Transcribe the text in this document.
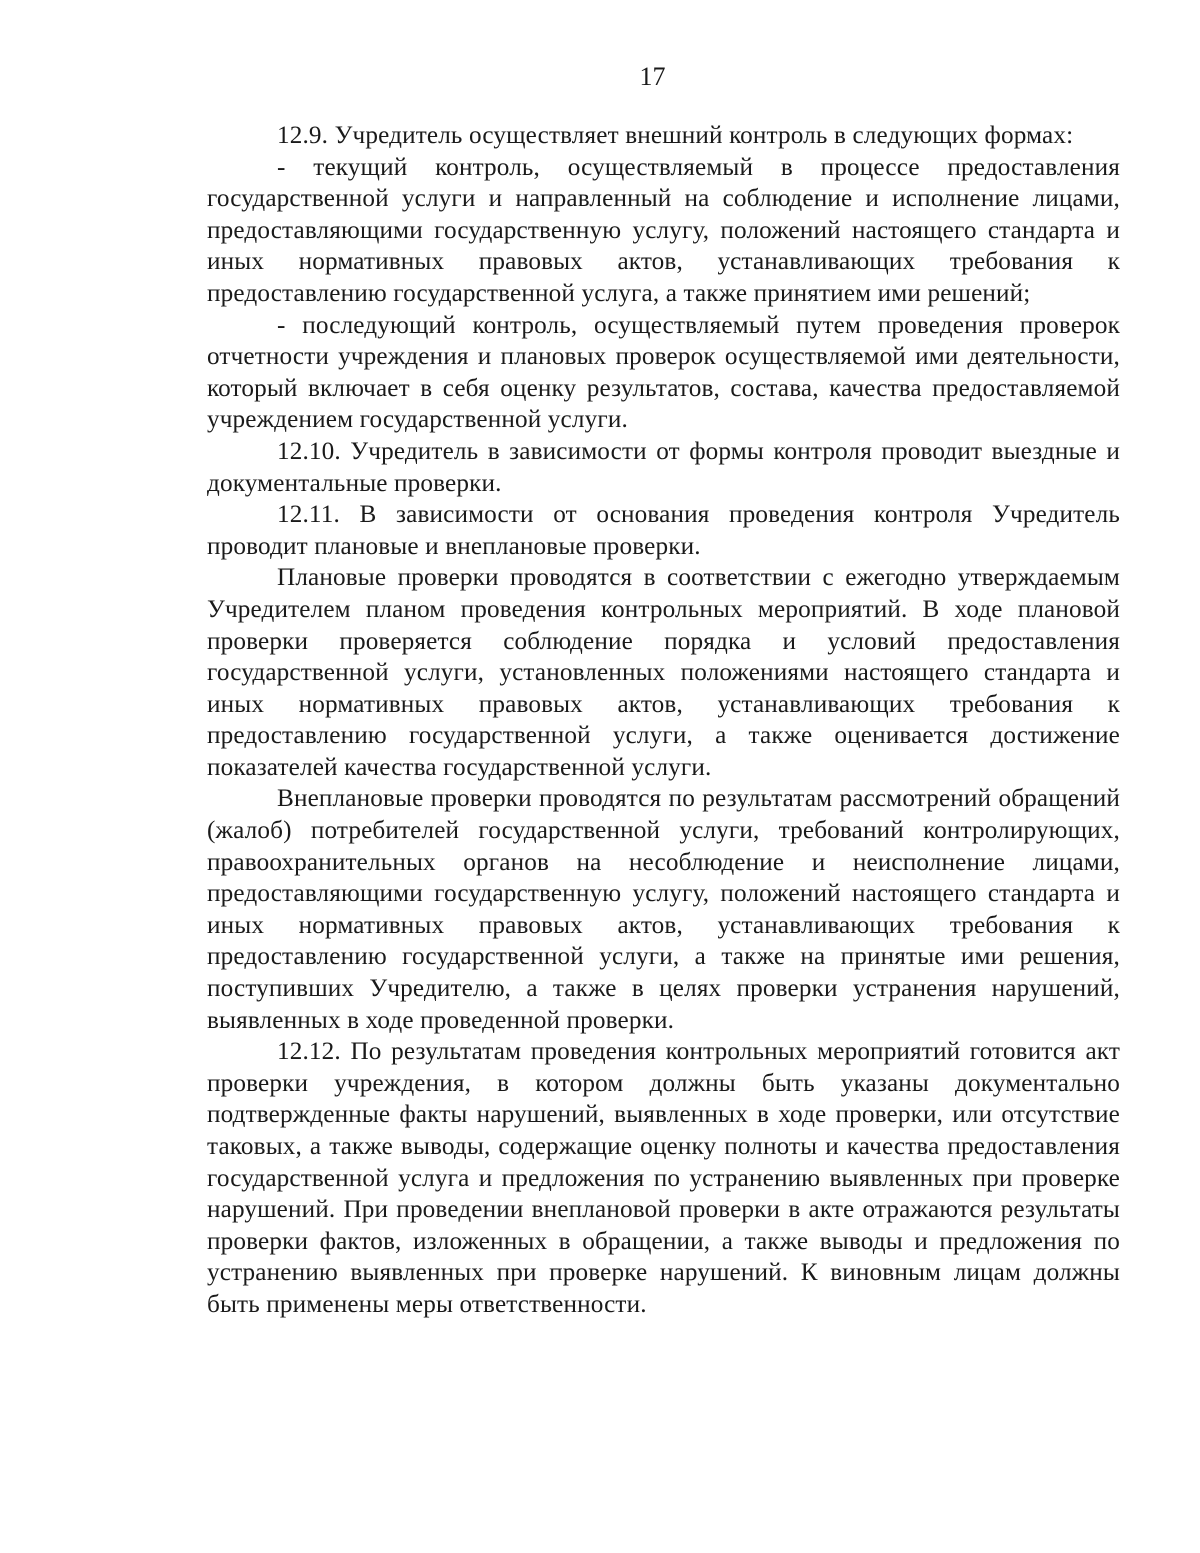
17

12.9. Учредитель осуществляет внешний контроль в следующих формах:

- текущий контроль, осуществляемый в процессе предоставления государственной услуги и направленный на соблюдение и исполнение лицами, предоставляющими государственную услугу, положений настоящего стандарта и иных нормативных правовых актов, устанавливающих требования к предоставлению государственной услуга, а также принятием ими решений;

- последующий контроль, осуществляемый путем проведения проверок отчетности учреждения и плановых проверок осуществляемой ими деятельности, который включает в себя оценку результатов, состава, качества предоставляемой учреждением государственной услуги.

12.10. Учредитель в зависимости от формы контроля проводит выездные и документальные проверки.

12.11. В зависимости от основания проведения контроля Учредитель проводит плановые и внеплановые проверки.

Плановые проверки проводятся в соответствии с ежегодно утверждаемым Учредителем планом проведения контрольных мероприятий. В ходе плановой проверки проверяется соблюдение порядка и условий предоставления государственной услуги, установленных положениями настоящего стандарта и иных нормативных правовых актов, устанавливающих требования к предоставлению государственной услуги, а также оценивается достижение показателей качества государственной услуги.

Внеплановые проверки проводятся по результатам рассмотрений обращений (жалоб) потребителей государственной услуги, требований контролирующих, правоохранительных органов на несоблюдение и неисполнение лицами, предоставляющими государственную услугу, положений настоящего стандарта и иных нормативных правовых актов, устанавливающих требования к предоставлению государственной услуги, а также на принятые ими решения, поступивших Учредителю, а также в целях проверки устранения нарушений, выявленных в ходе проведенной проверки.

12.12. По результатам проведения контрольных мероприятий готовится акт проверки учреждения, в котором должны быть указаны документально подтвержденные факты нарушений, выявленных в ходе проверки, или отсутствие таковых, а также выводы, содержащие оценку полноты и качества предоставления государственной услуга и предложения по устранению выявленных при проверке нарушений. При проведении внеплановой проверки в акте отражаются результаты проверки фактов, изложенных в обращении, а также выводы и предложения по устранению выявленных при проверке нарушений. К виновным лицам должны быть применены меры ответственности.
